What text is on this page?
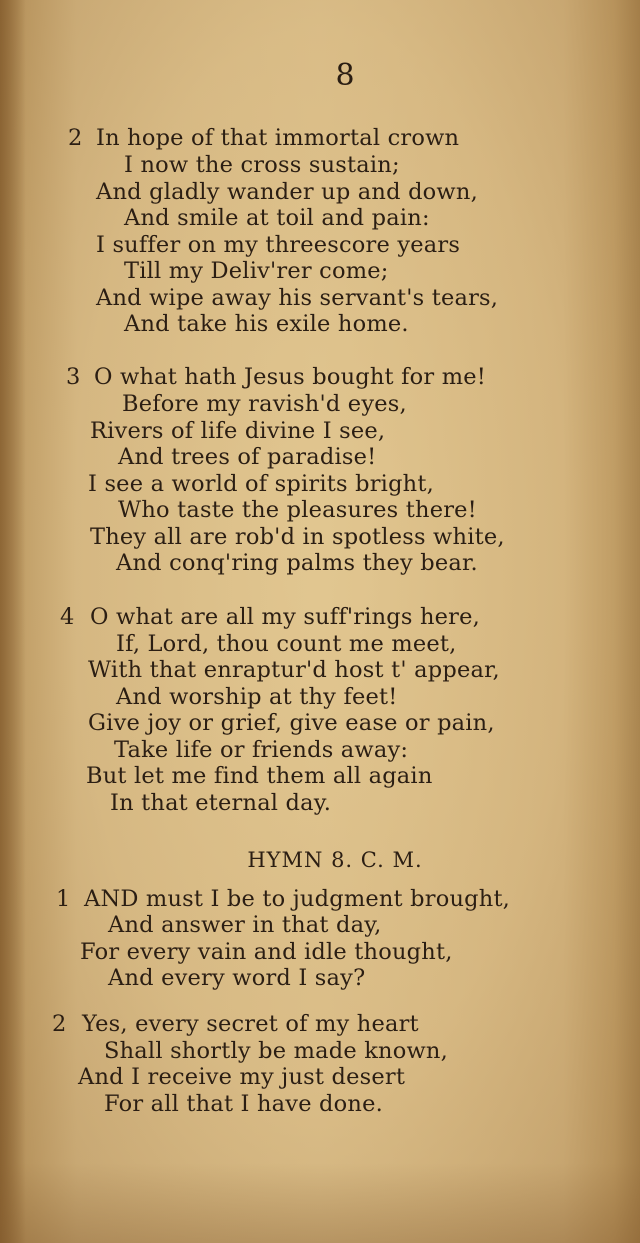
8
2 In hope of that immortal crown
I now the cross sustain;
And gladly wander up and down,
And smile at toil and pain:
I suffer on my threescore years
Till my Deliv'rer come;
And wipe away his servant's tears,
And take his exile home.
3 O what hath Jesus bought for me!
Before my ravish'd eyes,
Rivers of life divine I see,
And trees of paradise!
I see a world of spirits bright,
Who taste the pleasures there!
They all are rob'd in spotless white,
And conq'ring palms they bear.
4 O what are all my suff'rings here,
If, Lord, thou count me meet,
With that enraptur'd host t' appear,
And worship at thy feet!
Give joy or grief, give ease or pain,
Take life or friends away:
But let me find them all again
In that eternal day.
HYMN 8. C. M.
1 AND must I be to judgment brought,
And answer in that day,
For every vain and idle thought,
And every word I say?
2 Yes, every secret of my heart
Shall shortly be made known,
And I receive my just desert
For all that I have done.
